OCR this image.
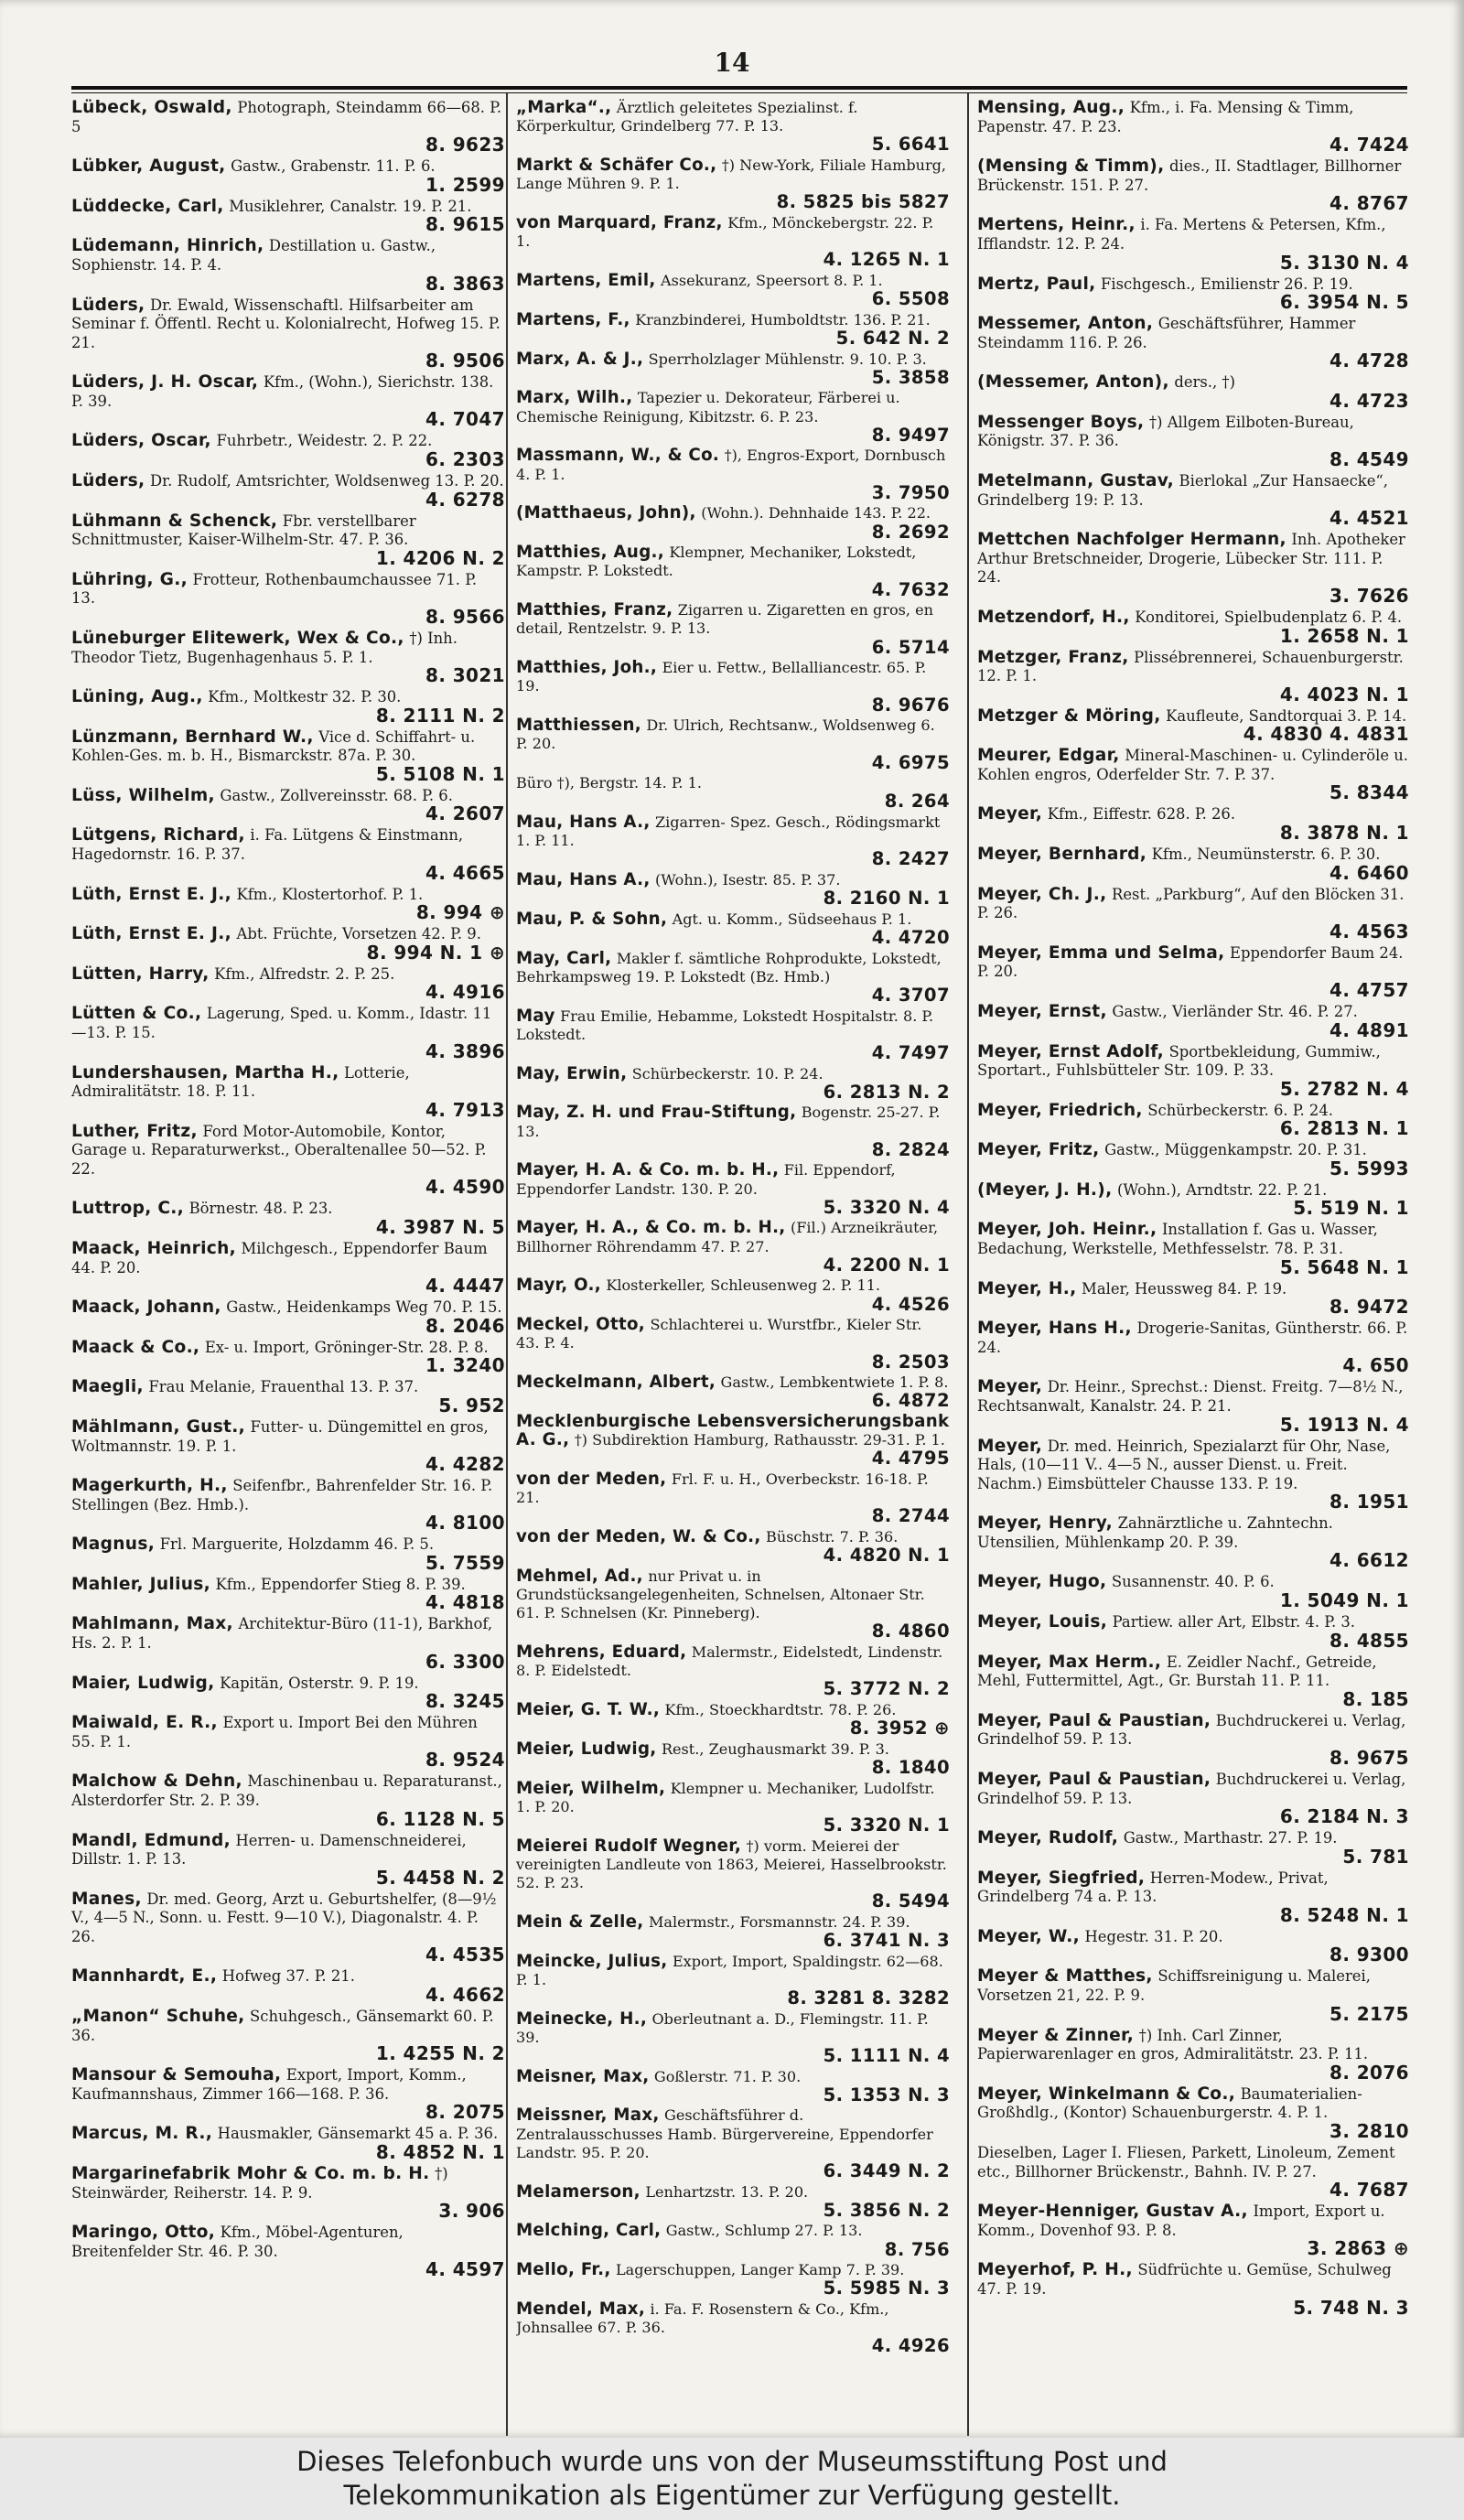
14
Lübeck, Oswald, Photograph, Steindamm 66—68. P. 5
8. 9623
Lübker, August, Gastw., Grabenstr. 11. P. 6.
1. 2599
Lüddecke, Carl, Musiklehrer, Canalstr. 19. P. 21.
8. 9615
Lüdemann, Hinrich, Destillation u. Gastw., Sophienstr. 14. P. 4.
8. 3863
Lüders, Dr. Ewald, Wissenschaftl. Hilfsarbeiter am Seminar f. Öffentl. Recht u. Kolonialrecht, Hofweg 15. P. 21.
8. 9506
Lüders, J. H. Oscar, Kfm., (Wohn.), Sierichstr. 138. P. 39.
4. 7047
Lüders, Oscar, Fuhrbetr., Weidestr. 2. P. 22.
6. 2303
Lüders, Dr. Rudolf, Amtsrichter, Woldsenweg 13. P. 20.
4. 6278
Lühmann & Schenck, Fbr. verstellbarer Schnittmuster, Kaiser-Wilhelm-Str. 47. P. 36.
1. 4206 N. 2
Lühring, G., Frotteur, Rothenbaumchaussee 71. P. 13.
8. 9566
Lüneburger Elitewerk, Wex & Co., †) Inh. Theodor Tietz, Bugenhagenhaus 5. P. 1.
8. 3021
Lüning, Aug., Kfm., Moltkestr 32. P. 30.
8. 2111 N. 2
Lünzmann, Bernhard W., Vice d. Schiffahrt- u. Kohlen-Ges. m. b. H., Bismarckstr. 87a. P. 30.
5. 5108 N. 1
Lüss, Wilhelm, Gastw., Zollvereinsstr. 68. P. 6.
4. 2607
Lütgens, Richard, i. Fa. Lütgens & Einstmann, Hagedornstr. 16. P. 37.
4. 4665
Lüth, Ernst E. J., Kfm., Klostertorhof. P. 1.
8. 994 ⊕
Lüth, Ernst E. J., Abt. Früchte, Vorsetzen 42. P. 9.
8. 994 N. 1 ⊕
Lütten, Harry, Kfm., Alfredstr. 2. P. 25.
4. 4916
Lütten & Co., Lagerung, Sped. u. Komm., Idastr. 11—13. P. 15.
4. 3896
Lundershausen, Martha H., Lotterie, Admiralitätstr. 18. P. 11.
4. 7913
Luther, Fritz, Ford Motor-Automobile, Kontor, Garage u. Reparaturwerkst., Oberaltenallee 50—52. P. 22.
4. 4590
Luttrop, C., Börnestr. 48. P. 23.
4. 3987 N. 5
Maack, Heinrich, Milchgesch., Eppendorfer Baum 44. P. 20.
4. 4447
Maack, Johann, Gastw., Heidenkamps Weg 70. P. 15.
8. 2046
Maack & Co., Ex- u. Import, Gröninger-Str. 28. P. 8.
1. 3240
Maegli, Frau Melanie, Frauenthal 13. P. 37.
5. 952
Mählmann, Gust., Futter- u. Düngemittel en gros, Woltmannstr. 19. P. 1.
4. 4282
Magerkurth, H., Seifenfbr., Bahrenfelder Str. 16. P. Stellingen (Bez. Hmb.).
4. 8100
Magnus, Frl. Marguerite, Holzdamm 46. P. 5.
5. 7559
Mahler, Julius, Kfm., Eppendorfer Stieg 8. P. 39.
4. 4818
Mahlmann, Max, Architektur-Büro (11-1), Barkhof, Hs. 2. P. 1.
6. 3300
Maier, Ludwig, Kapitän, Osterstr. 9. P. 19.
8. 3245
Maiwald, E. R., Export u. Import Bei den Mühren 55. P. 1.
8. 9524
Malchow & Dehn, Maschinenbau u. Reparaturanst., Alsterdorfer Str. 2. P. 39.
6. 1128 N. 5
Mandl, Edmund, Herren- u. Damenschneiderei, Dillstr. 1. P. 13.
5. 4458 N. 2
Manes, Dr. med. Georg, Arzt u. Geburtshelfer, (8—9½ V., 4—5 N., Sonn. u. Festt. 9—10 V.), Diagonalstr. 4. P. 26.
4. 4535
Mannhardt, E., Hofweg 37. P. 21.
4. 4662
„Manon“ Schuhe, Schuhgesch., Gänsemarkt 60. P. 36.
1. 4255 N. 2
Mansour & Semouha, Export, Import, Komm., Kaufmannshaus, Zimmer 166—168. P. 36.
8. 2075
Marcus, M. R., Hausmakler, Gänsemarkt 45 a. P. 36.
8. 4852 N. 1
Margarinefabrik Mohr & Co. m. b. H. †) Steinwärder, Reiherstr. 14. P. 9.
3. 906
Maringo, Otto, Kfm., Möbel-Agenturen, Breitenfelder Str. 46. P. 30.
4. 4597
„Marka“., Ärztlich geleitetes Spezialinst. f. Körperkultur, Grindelberg 77. P. 13.
5. 6641
Markt & Schäfer Co., †) New-York, Filiale Hamburg, Lange Mühren 9. P. 1.
8. 5825 bis 5827
von Marquard, Franz, Kfm., Mönckebergstr. 22. P. 1.
4. 1265 N. 1
Martens, Emil, Assekuranz, Speersort 8. P. 1.
6. 5508
Martens, F., Kranzbinderei, Humboldtstr. 136. P. 21.
5. 642 N. 2
Marx, A. & J., Sperrholzlager Mühlenstr. 9. 10. P. 3.
5. 3858
Marx, Wilh., Tapezier u. Dekorateur, Färberei u. Chemische Reinigung, Kibitzstr. 6. P. 23.
8. 9497
Massmann, W., & Co. †), Engros-Export, Dornbusch 4. P. 1.
3. 7950
(Matthaeus, John), (Wohn.). Dehnhaide 143. P. 22.
8. 2692
Matthies, Aug., Klempner, Mechaniker, Lokstedt, Kampstr. P. Lokstedt.
4. 7632
Matthies, Franz, Zigarren u. Zigaretten en gros, en detail, Rentzelstr. 9. P. 13.
6. 5714
Matthies, Joh., Eier u. Fettw., Bellalliancestr. 65. P. 19.
8. 9676
Matthiessen, Dr. Ulrich, Rechtsanw., Woldsenweg 6. P. 20.
4. 6975
Büro †), Bergstr. 14. P. 1.
8. 264
Mau, Hans A., Zigarren- Spez. Gesch., Rödingsmarkt 1. P. 11.
8. 2427
Mau, Hans A., (Wohn.), Isestr. 85. P. 37.
8. 2160 N. 1
Mau, P. & Sohn, Agt. u. Komm., Südseehaus P. 1.
4. 4720
May, Carl, Makler f. sämtliche Rohprodukte, Lokstedt, Behrkampsweg 19. P. Lokstedt (Bz. Hmb.)
4. 3707
May Frau Emilie, Hebamme, Lokstedt Hospitalstr. 8. P. Lokstedt.
4. 7497
May, Erwin, Schürbeckerstr. 10. P. 24.
6. 2813 N. 2
May, Z. H. und Frau-Stiftung, Bogenstr. 25-27. P. 13.
8. 2824
Mayer, H. A. & Co. m. b. H., Fil. Eppendorf, Eppendorfer Landstr. 130. P. 20.
5. 3320 N. 4
Mayer, H. A., & Co. m. b. H., (Fil.) Arzneikräuter, Billhorner Röhrendamm 47. P. 27.
4. 2200 N. 1
Mayr, O., Klosterkeller, Schleusenweg 2. P. 11.
4. 4526
Meckel, Otto, Schlachterei u. Wurstfbr., Kieler Str. 43. P. 4.
8. 2503
Meckelmann, Albert, Gastw., Lembkentwiete 1. P. 8.
6. 4872
Mecklenburgische Lebensversicherungsbank A. G., †) Subdirektion Hamburg, Rathausstr. 29-31. P. 1.
4. 4795
von der Meden, Frl. F. u. H., Overbeckstr. 16-18. P. 21.
8. 2744
von der Meden, W. & Co., Büschstr. 7. P. 36.
4. 4820 N. 1
Mehmel, Ad., nur Privat u. in Grundstücksangelegenheiten, Schnelsen, Altonaer Str. 61. P. Schnelsen (Kr. Pinneberg).
8. 4860
Mehrens, Eduard, Malermstr., Eidelstedt, Lindenstr. 8. P. Eidelstedt.
5. 3772 N. 2
Meier, G. T. W., Kfm., Stoeckhardtstr. 78. P. 26.
8. 3952 ⊕
Meier, Ludwig, Rest., Zeughausmarkt 39. P. 3.
8. 1840
Meier, Wilhelm, Klempner u. Mechaniker, Ludolfstr. 1. P. 20.
5. 3320 N. 1
Meierei Rudolf Wegner, †) vorm. Meierei der vereinigten Landleute von 1863, Meierei, Hasselbrookstr. 52. P. 23.
8. 5494
Mein & Zelle, Malermstr., Forsmannstr. 24. P. 39.
6. 3741 N. 3
Meincke, Julius, Export, Import, Spaldingstr. 62—68. P. 1.
8. 3281 8. 3282
Meinecke, H., Oberleutnant a. D., Flemingstr. 11. P. 39.
5. 1111 N. 4
Meisner, Max, Goßlerstr. 71. P. 30.
5. 1353 N. 3
Meissner, Max, Geschäftsführer d. Zentralausschusses Hamb. Bürgervereine, Eppendorfer Landstr. 95. P. 20.
6. 3449 N. 2
Melamerson, Lenhartzstr. 13. P. 20.
5. 3856 N. 2
Melching, Carl, Gastw., Schlump 27. P. 13.
8. 756
Mello, Fr., Lagerschuppen, Langer Kamp 7. P. 39.
5. 5985 N. 3
Mendel, Max, i. Fa. F. Rosenstern & Co., Kfm., Johnsallee 67. P. 36.
4. 4926
Mensing, Aug., Kfm., i. Fa. Mensing & Timm, Papenstr. 47. P. 23.
4. 7424
(Mensing & Timm), dies., II. Stadtlager, Billhorner Brückenstr. 151. P. 27.
4. 8767
Mertens, Heinr., i. Fa. Mertens & Petersen, Kfm., Ifflandstr. 12. P. 24.
5. 3130 N. 4
Mertz, Paul, Fischgesch., Emilienstr 26. P. 19.
6. 3954 N. 5
Messemer, Anton, Geschäftsführer, Hammer Steindamm 116. P. 26.
4. 4728
(Messemer, Anton), ders., †)
4. 4723
Messenger Boys, †) Allgem Eilboten-Bureau, Königstr. 37. P. 36.
8. 4549
Metelmann, Gustav, Bierlokal „Zur Hansaecke“, Grindelberg 19: P. 13.
4. 4521
Mettchen Nachfolger Hermann, Inh. Apotheker Arthur Bretschneider, Drogerie, Lübecker Str. 111. P. 24.
3. 7626
Metzendorf, H., Konditorei, Spielbudenplatz 6. P. 4.
1. 2658 N. 1
Metzger, Franz, Plissébrennerei, Schauenburgerstr. 12. P. 1.
4. 4023 N. 1
Metzger & Möring, Kaufleute, Sandtorquai 3. P. 14.
4. 4830 4. 4831
Meurer, Edgar, Mineral-Maschinen- u. Cylinderöle u. Kohlen engros, Oderfelder Str. 7. P. 37.
5. 8344
Meyer, Kfm., Eiffestr. 628. P. 26.
8. 3878 N. 1
Meyer, Bernhard, Kfm., Neumünsterstr. 6. P. 30.
4. 6460
Meyer, Ch. J., Rest. „Parkburg“, Auf den Blöcken 31. P. 26.
4. 4563
Meyer, Emma und Selma, Eppendorfer Baum 24. P. 20.
4. 4757
Meyer, Ernst, Gastw., Vierländer Str. 46. P. 27.
4. 4891
Meyer, Ernst Adolf, Sportbekleidung, Gummiw., Sportart., Fuhlsbütteler Str. 109. P. 33.
5. 2782 N. 4
Meyer, Friedrich, Schürbeckerstr. 6. P. 24.
6. 2813 N. 1
Meyer, Fritz, Gastw., Müggenkampstr. 20. P. 31.
5. 5993
(Meyer, J. H.), (Wohn.), Arndtstr. 22. P. 21.
5. 519 N. 1
Meyer, Joh. Heinr., Installation f. Gas u. Wasser, Bedachung, Werkstelle, Methfesselstr. 78. P. 31.
5. 5648 N. 1
Meyer, H., Maler, Heussweg 84. P. 19.
8. 9472
Meyer, Hans H., Drogerie-Sanitas, Güntherstr. 66. P. 24.
4. 650
Meyer, Dr. Heinr., Sprechst.: Dienst. Freitg. 7—8½ N., Rechtsanwalt, Kanalstr. 24. P. 21.
5. 1913 N. 4
Meyer, Dr. med. Heinrich, Spezialarzt für Ohr, Nase, Hals, (10—11 V.. 4—5 N., ausser Dienst. u. Freit. Nachm.) Eimsbütteler Chausse 133. P. 19.
8. 1951
Meyer, Henry, Zahnärztliche u. Zahntechn. Utensilien, Mühlenkamp 20. P. 39.
4. 6612
Meyer, Hugo, Susannenstr. 40. P. 6.
1. 5049 N. 1
Meyer, Louis, Partiew. aller Art, Elbstr. 4. P. 3.
8. 4855
Meyer, Max Herm., E. Zeidler Nachf., Getreide, Mehl, Futtermittel, Agt., Gr. Burstah 11. P. 11.
8. 185
Meyer, Paul & Paustian, Buchdruckerei u. Verlag, Grindelhof 59. P. 13.
8. 9675
Meyer, Paul & Paustian, Buchdruckerei u. Verlag, Grindelhof 59. P. 13.
6. 2184 N. 3
Meyer, Rudolf, Gastw., Marthastr. 27. P. 19.
5. 781
Meyer, Siegfried, Herren-Modew., Privat, Grindelberg 74 a. P. 13.
8. 5248 N. 1
Meyer, W., Hegestr. 31. P. 20.
8. 9300
Meyer & Matthes, Schiffsreinigung u. Malerei, Vorsetzen 21, 22. P. 9.
5. 2175
Meyer & Zinner, †) Inh. Carl Zinner, Papierwarenlager en gros, Admiralitätstr. 23. P. 11.
8. 2076
Meyer, Winkelmann & Co., Baumaterialien-Großhdlg., (Kontor) Schauenburgerstr. 4. P. 1.
3. 2810
Dieselben, Lager I. Fliesen, Parkett, Linoleum, Zement etc., Billhorner Brückenstr., Bahnh. IV. P. 27.
4. 7687
Meyer-Henniger, Gustav A., Import, Export u. Komm., Dovenhof 93. P. 8.
3. 2863 ⊕
Meyerhof, P. H., Südfrüchte u. Gemüse, Schulweg 47. P. 19.
5. 748 N. 3
Dieses Telefonbuch wurde uns von der Museumsstiftung Post und
Telekommunikation als Eigentümer zur Verfügung gestellt.
